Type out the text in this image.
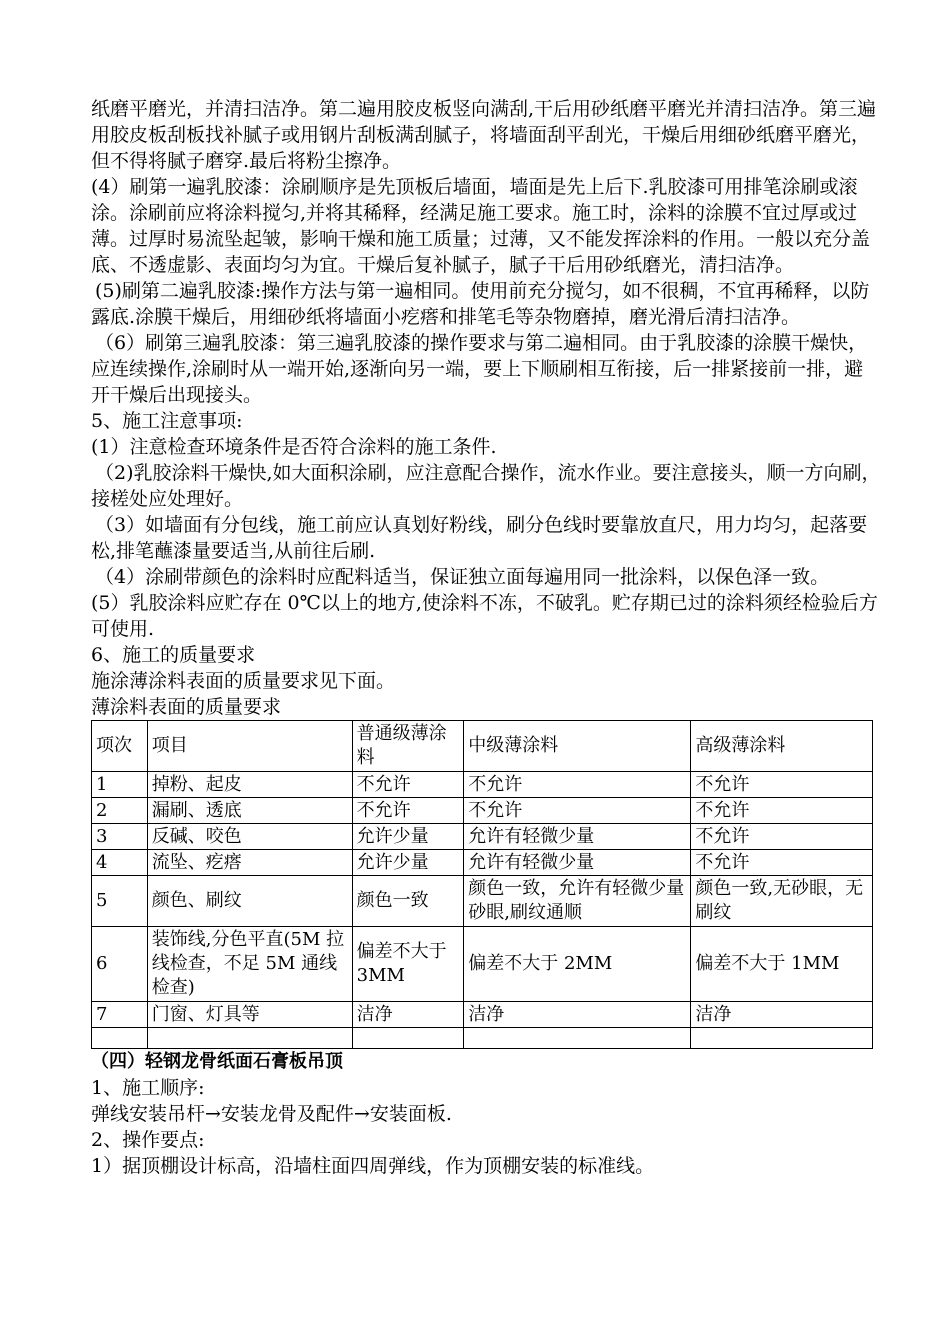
纸磨平磨光，并清扫洁净。第二遍用胶皮板竖向满刮,干后用砂纸磨平磨光并清扫洁净。第三遍用胶皮板刮板找补腻子或用钢片刮板满刮腻子，将墙面刮平刮光，干燥后用细砂纸磨平磨光，但不得将腻子磨穿.最后将粉尘擦净。

(4）刷第一遍乳胶漆：涂刷顺序是先顶板后墙面，墙面是先上后下.乳胶漆可用排笔涂刷或滚涂。涂刷前应将涂料搅匀,并将其稀释，经满足施工要求。施工时，涂料的涂膜不宜过厚或过薄。过厚时易流坠起皱，影响干燥和施工质量；过薄，又不能发挥涂料的作用。一般以充分盖底、不透虚影、表面均匀为宜。干燥后复补腻子，腻子干后用砂纸磨光，清扫洁净。

(5)刷第二遍乳胶漆:操作方法与第一遍相同。使用前充分搅匀，如不很稠，不宜再稀释，以防露底.涂膜干燥后，用细砂纸将墙面小疙瘩和排笔毛等杂物磨掉，磨光滑后清扫洁净。

（6）刷第三遍乳胶漆：第三遍乳胶漆的操作要求与第二遍相同。由于乳胶漆的涂膜干燥快，应连续操作,涂刷时从一端开始,逐渐向另一端，要上下顺刷相互衔接，后一排紧接前一排，避开干燥后出现接头。

5、施工注意事项:

(1）注意检查环境条件是否符合涂料的施工条件.

（2)乳胶涂料干燥快,如大面积涂刷，应注意配合操作，流水作业。要注意接头，顺一方向刷，接槎处应处理好。

（3）如墙面有分包线，施工前应认真划好粉线，刷分色线时要靠放直尺，用力均匀，起落要松,排笔蘸漆量要适当,从前往后刷.

（4）涂刷带颜色的涂料时应配料适当，保证独立面每遍用同一批涂料，以保色泽一致。

(5）乳胶涂料应贮存在 0℃以上的地方,使涂料不冻，不破乳。贮存期已过的涂料须经检验后方可使用.

6、施工的质量要求

施涂薄涂料表面的质量要求见下面。

薄涂料表面的质量要求

项次	项目	普通级薄涂料	中级薄涂料	高级薄涂料
1	掉粉、起皮	不允许	不允许	不允许
2	漏刷、透底	不允许	不允许	不允许
3	反碱、咬色	允许少量	允许有轻微少量	不允许
4	流坠、疙瘩	允许少量	允许有轻微少量	不允许
5	颜色、刷纹	颜色一致	颜色一致，允许有轻微少量砂眼,刷纹通顺	颜色一致,无砂眼，无刷纹
6	装饰线,分色平直(5M 拉线检查，不足 5M 通线检查)	偏差不大于 3MM	偏差不大于 2MM	偏差不大于 1MM
7	门窗、灯具等	洁净	洁净	洁净

（四）轻钢龙骨纸面石膏板吊顶

1、施工顺序:

弹线安装吊杆→安装龙骨及配件→安装面板.

2、操作要点:

1）据顶棚设计标高，沿墙柱面四周弹线，作为顶棚安装的标准线。
